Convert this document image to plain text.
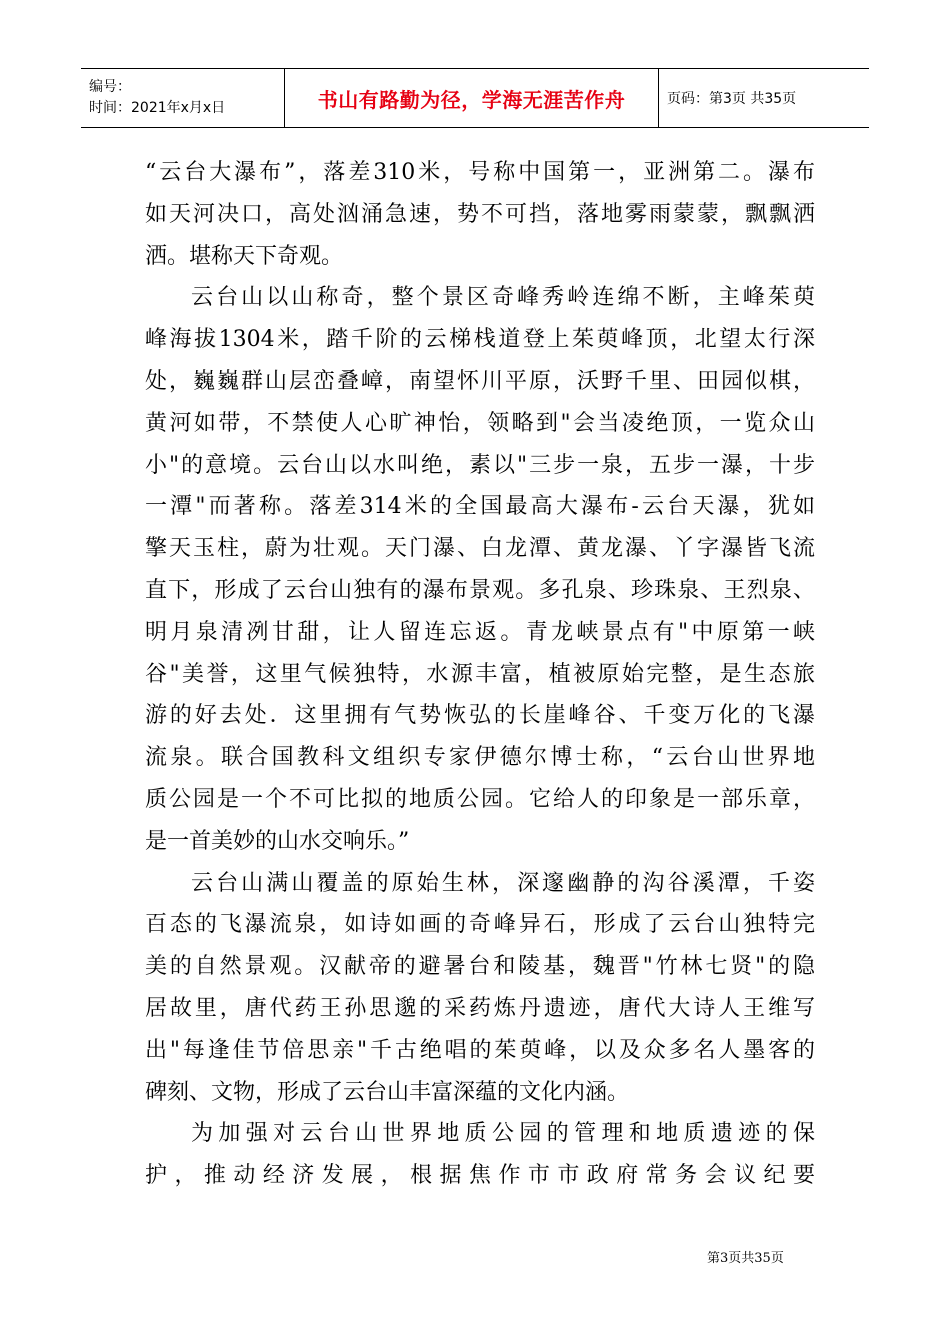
编号：
时间：2021年x月x日	书山有路勤为径，学海无涯苦作舟	页码：第3页 共35页
“云台大瀑布”，落差310米，号称中国第一，亚洲第二。瀑布
如天河决口，高处汹涌急速，势不可挡，落地雾雨蒙蒙，飘飘洒
洒。堪称天下奇观。
云台山以山称奇，整个景区奇峰秀岭连绵不断，主峰茱萸
峰海拔1304米，踏千阶的云梯栈道登上茱萸峰顶，北望太行深
处，巍巍群山层峦叠嶂，南望怀川平原，沃野千里、田园似棋，
黄河如带，不禁使人心旷神怡，领略到"会当凌绝顶，一览众山
小"的意境。云台山以水叫绝，素以"三步一泉，五步一瀑，十步
一潭"而著称。落差314米的全国最高大瀑布-云台天瀑，犹如
擎天玉柱，蔚为壮观。天门瀑、白龙潭、黄龙瀑、丫字瀑皆飞流
直下，形成了云台山独有的瀑布景观。多孔泉、珍珠泉、王烈泉、
明月泉清冽甘甜，让人留连忘返。青龙峡景点有"中原第一峡
谷"美誉，这里气候独特，水源丰富，植被原始完整，是生态旅
游的好去处．这里拥有气势恢弘的长崖峰谷、千变万化的飞瀑
流泉。联合国教科文组织专家伊德尔博士称，“云台山世界地
质公园是一个不可比拟的地质公园。它给人的印象是一部乐章，
是一首美妙的山水交响乐。”
云台山满山覆盖的原始生林，深邃幽静的沟谷溪潭，千姿
百态的飞瀑流泉，如诗如画的奇峰异石，形成了云台山独特完
美的自然景观。汉献帝的避暑台和陵基，魏晋"竹林七贤"的隐
居故里，唐代药王孙思邈的采药炼丹遗迹，唐代大诗人王维写
出"每逢佳节倍思亲"千古绝唱的茱萸峰，以及众多名人墨客的
碑刻、文物，形成了云台山丰富深蕴的文化内涵。
为加强对云台山世界地质公园的管理和地质遗迹的保
护，推动经济发展，根据焦作市市政府常务会议纪要
第3页共35页
